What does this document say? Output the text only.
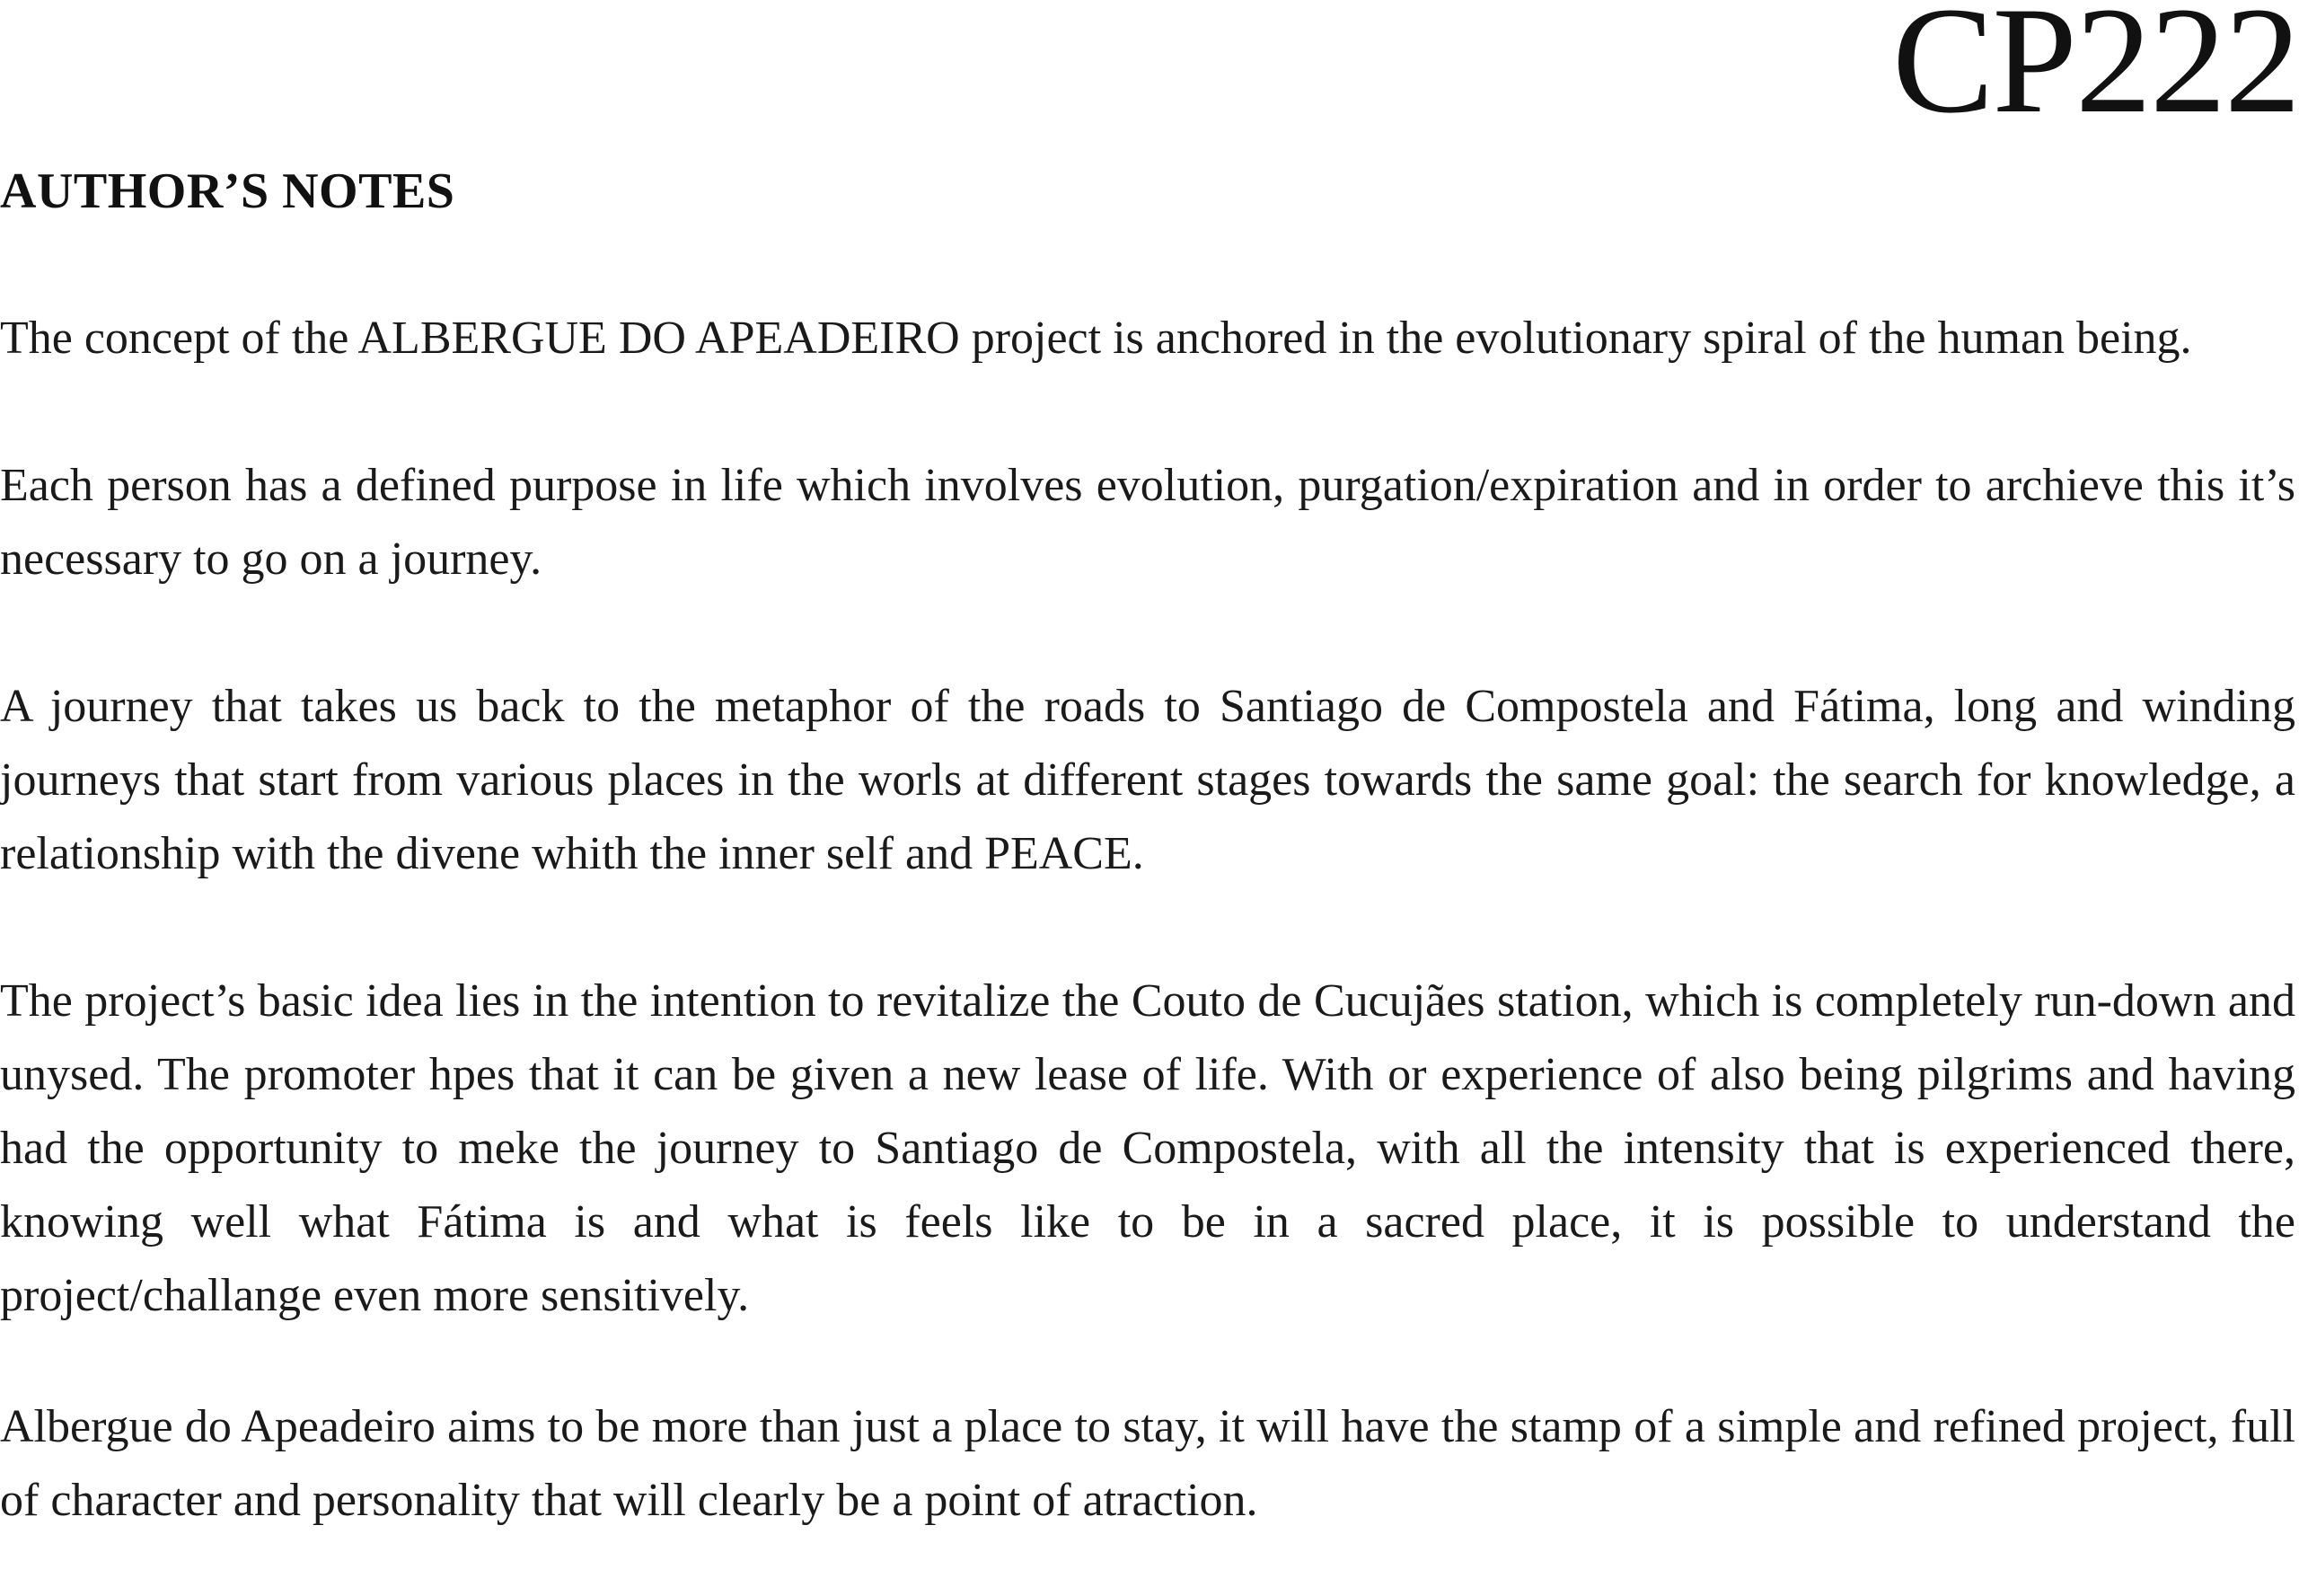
CP222
AUTHOR’S NOTES

The concept of the ALBERGUE DO APEADEIRO project is anchored in the evolutionary spiral of the human being.

Each person has a defined purpose in life which involves evolution, purgation/expiration and in order to archieve this it’s necessary to go on a journey.

A journey that takes us back to the metaphor of the roads to Santiago de Compostela and Fátima, long and winding journeys that start from various places in the worls at different stages towards the same goal: the search for knowledge, a relationship with the divene whith the inner self and PEACE.

The project’s basic idea lies in the intention to revitalize the Couto de Cucujães station, which is completely run-down and unysed. The promoter hpes that it can be given a new lease of life. With or experience of also being pilgrims and having had the opportunity to meke the journey to Santiago de Compostela, with all the intensity that is experienced there, knowing well what Fátima is and what is feels like to be in a sacred place, it is possible to understand the project/challange even more sensitively.

Albergue do Apeadeiro aims to be more than just a place to stay, it will have the stamp of a simple and refined project, full of character and personality that will clearly be a point of atraction.
